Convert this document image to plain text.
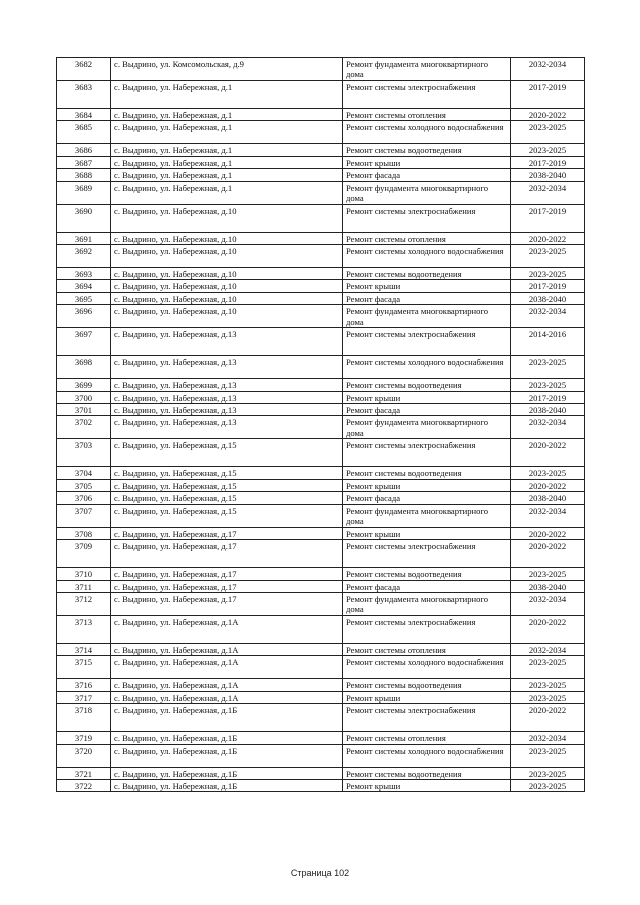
3682	с. Выдрино, ул. Комсомольская, д.9	Ремонт фундамента многоквартирного дома	2032-2034
3683	с. Выдрино, ул. Набережная, д.1	Ремонт системы электроснабжения	2017-2019
3684	с. Выдрино, ул. Набережная, д.1	Ремонт системы отопления	2020-2022
3685	с. Выдрино, ул. Набережная, д.1	Ремонт системы холодного водоснабжения	2023-2025
3686	с. Выдрино, ул. Набережная, д.1	Ремонт системы водоотведения	2023-2025
3687	с. Выдрино, ул. Набережная, д.1	Ремонт крыши	2017-2019
3688	с. Выдрино, ул. Набережная, д.1	Ремонт фасада	2038-2040
3689	с. Выдрино, ул. Набережная, д.1	Ремонт фундамента многоквартирного дома	2032-2034
3690	с. Выдрино, ул. Набережная, д.10	Ремонт системы электроснабжения	2017-2019
3691	с. Выдрино, ул. Набережная, д.10	Ремонт системы отопления	2020-2022
3692	с. Выдрино, ул. Набережная, д.10	Ремонт системы холодного водоснабжения	2023-2025
3693	с. Выдрино, ул. Набережная, д.10	Ремонт системы водоотведения	2023-2025
3694	с. Выдрино, ул. Набережная, д.10	Ремонт крыши	2017-2019
3695	с. Выдрино, ул. Набережная, д.10	Ремонт фасада	2038-2040
3696	с. Выдрино, ул. Набережная, д.10	Ремонт фундамента многоквартирного дома	2032-2034
3697	с. Выдрино, ул. Набережная, д.13	Ремонт системы электроснабжения	2014-2016
3698	с. Выдрино, ул. Набережная, д.13	Ремонт системы холодного водоснабжения	2023-2025
3699	с. Выдрино, ул. Набережная, д.13	Ремонт системы водоотведения	2023-2025
3700	с. Выдрино, ул. Набережная, д.13	Ремонт крыши	2017-2019
3701	с. Выдрино, ул. Набережная, д.13	Ремонт фасада	2038-2040
3702	с. Выдрино, ул. Набережная, д.13	Ремонт фундамента многоквартирного дома	2032-2034
3703	с. Выдрино, ул. Набережная, д.15	Ремонт системы электроснабжения	2020-2022
3704	с. Выдрино, ул. Набережная, д.15	Ремонт системы водоотведения	2023-2025
3705	с. Выдрино, ул. Набережная, д.15	Ремонт крыши	2020-2022
3706	с. Выдрино, ул. Набережная, д.15	Ремонт фасада	2038-2040
3707	с. Выдрино, ул. Набережная, д.15	Ремонт фундамента многоквартирного дома	2032-2034
3708	с. Выдрино, ул. Набережная, д.17	Ремонт крыши	2020-2022
3709	с. Выдрино, ул. Набережная, д.17	Ремонт системы электроснабжения	2020-2022
3710	с. Выдрино, ул. Набережная, д.17	Ремонт системы водоотведения	2023-2025
3711	с. Выдрино, ул. Набережная, д.17	Ремонт фасада	2038-2040
3712	с. Выдрино, ул. Набережная, д.17	Ремонт фундамента многоквартирного дома	2032-2034
3713	с. Выдрино, ул. Набережная, д.1А	Ремонт системы электроснабжения	2020-2022
3714	с. Выдрино, ул. Набережная, д.1А	Ремонт системы отопления	2032-2034
3715	с. Выдрино, ул. Набережная, д.1А	Ремонт системы холодного водоснабжения	2023-2025
3716	с. Выдрино, ул. Набережная, д.1А	Ремонт системы водоотведения	2023-2025
3717	с. Выдрино, ул. Набережная, д.1А	Ремонт крыши	2023-2025
3718	с. Выдрино, ул. Набережная, д.1Б	Ремонт системы электроснабжения	2020-2022
3719	с. Выдрино, ул. Набережная, д.1Б	Ремонт системы отопления	2032-2034
3720	с. Выдрино, ул. Набережная, д.1Б	Ремонт системы холодного водоснабжения	2023-2025
3721	с. Выдрино, ул. Набережная, д.1Б	Ремонт системы водоотведения	2023-2025
3722	с. Выдрино, ул. Набережная, д.1Б	Ремонт крыши	2023-2025
Страница 102
